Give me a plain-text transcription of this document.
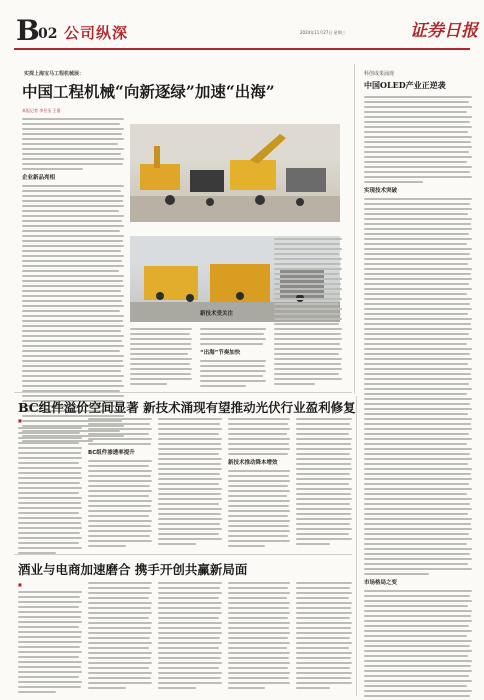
B
02 公司纵深	2024年11月27日 星期三	证券日报
实探上海宝马工程机械展：
中国工程机械“向新逐绿”加速“出海”
本报记者 李昱丞 王僖
企业新品亮相
“出海”节奏加快
科创成果涌现
中国OLED产业正逆袭
实现技术突破
市场格局之变
BC组件溢价空间显著 新技术涌现有望推动光伏行业盈利修复
■
BC组件渗透率提升
新技术推动降本增效
酒业与电商加速磨合 携手开创共赢新局面
■
新技术受关注
